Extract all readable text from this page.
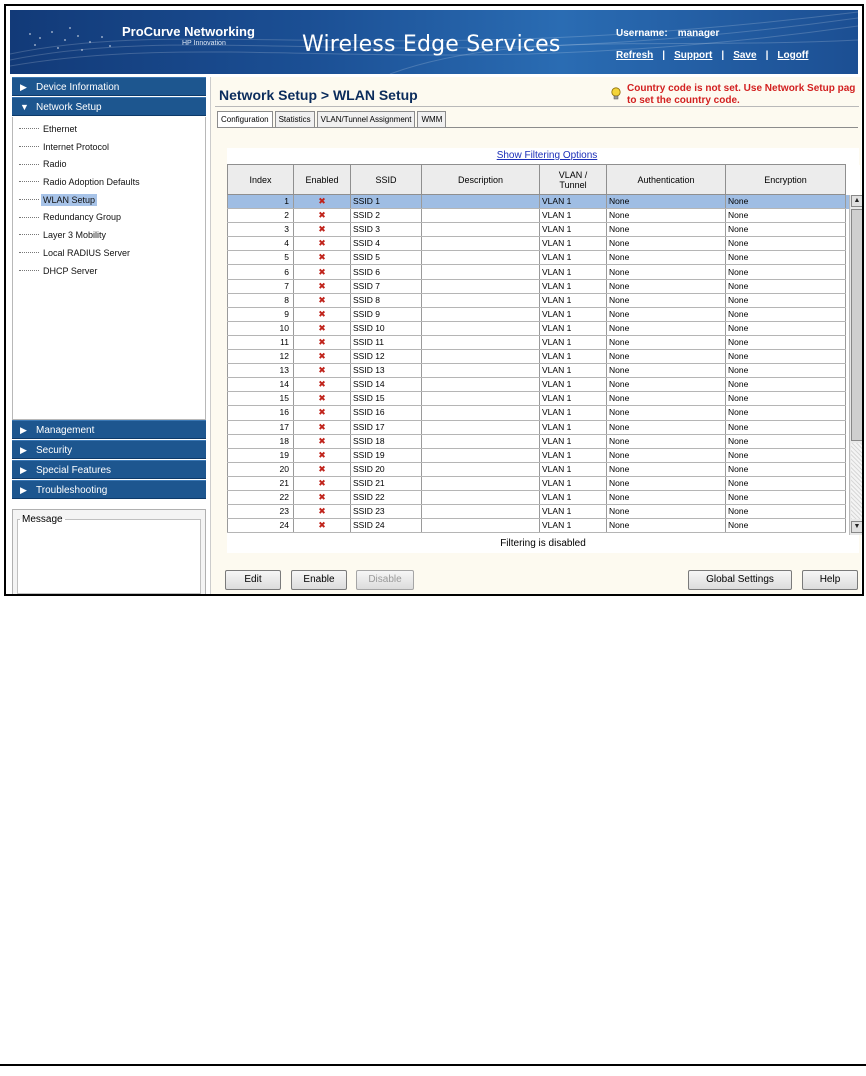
ProCurve Networking
HP Innovation	Wireless Edge Services	Username: manager
Refresh | Support | Save | Logoff
▶ Device Information
▼ Network Setup
Ethernet
Internet Protocol
Radio
Radio Adoption Defaults
WLAN Setup
Redundancy Group
Layer 3 Mobility
Local RADIUS Server
DHCP Server
▶ Management
▶ Security
▶ Special Features
▶ Troubleshooting
Message
Network Setup > WLAN Setup	Country code is not set. Use Network Setup pag
to set the country code.
Configuration	Statistics	VLAN/Tunnel Assignment	WMM
Show Filtering Options
Index	Enabled	SSID	Description	VLAN /
Tunnel	Authentication	Encryption	
1	✖	SSID 1		VLAN 1	None	None	
2	✖	SSID 2		VLAN 1	None	None	
3	✖	SSID 3		VLAN 1	None	None	
4	✖	SSID 4		VLAN 1	None	None	
5	✖	SSID 5		VLAN 1	None	None	
6	✖	SSID 6		VLAN 1	None	None	
7	✖	SSID 7		VLAN 1	None	None	
8	✖	SSID 8		VLAN 1	None	None	
9	✖	SSID 9		VLAN 1	None	None	
10	✖	SSID 10		VLAN 1	None	None	
11	✖	SSID 11		VLAN 1	None	None	
12	✖	SSID 12		VLAN 1	None	None	
13	✖	SSID 13		VLAN 1	None	None	
14	✖	SSID 14		VLAN 1	None	None	
15	✖	SSID 15		VLAN 1	None	None	
16	✖	SSID 16		VLAN 1	None	None	
17	✖	SSID 17		VLAN 1	None	None	
18	✖	SSID 18		VLAN 1	None	None	
19	✖	SSID 19		VLAN 1	None	None	
20	✖	SSID 20		VLAN 1	None	None	
21	✖	SSID 21		VLAN 1	None	None	
22	✖	SSID 22		VLAN 1	None	None	
23	✖	SSID 23		VLAN 1	None	None	
24	✖	SSID 24		VLAN 1	None	None	
▲
▼
Filtering is disabled
Edit	Enable	Disable	Global Settings	Help
